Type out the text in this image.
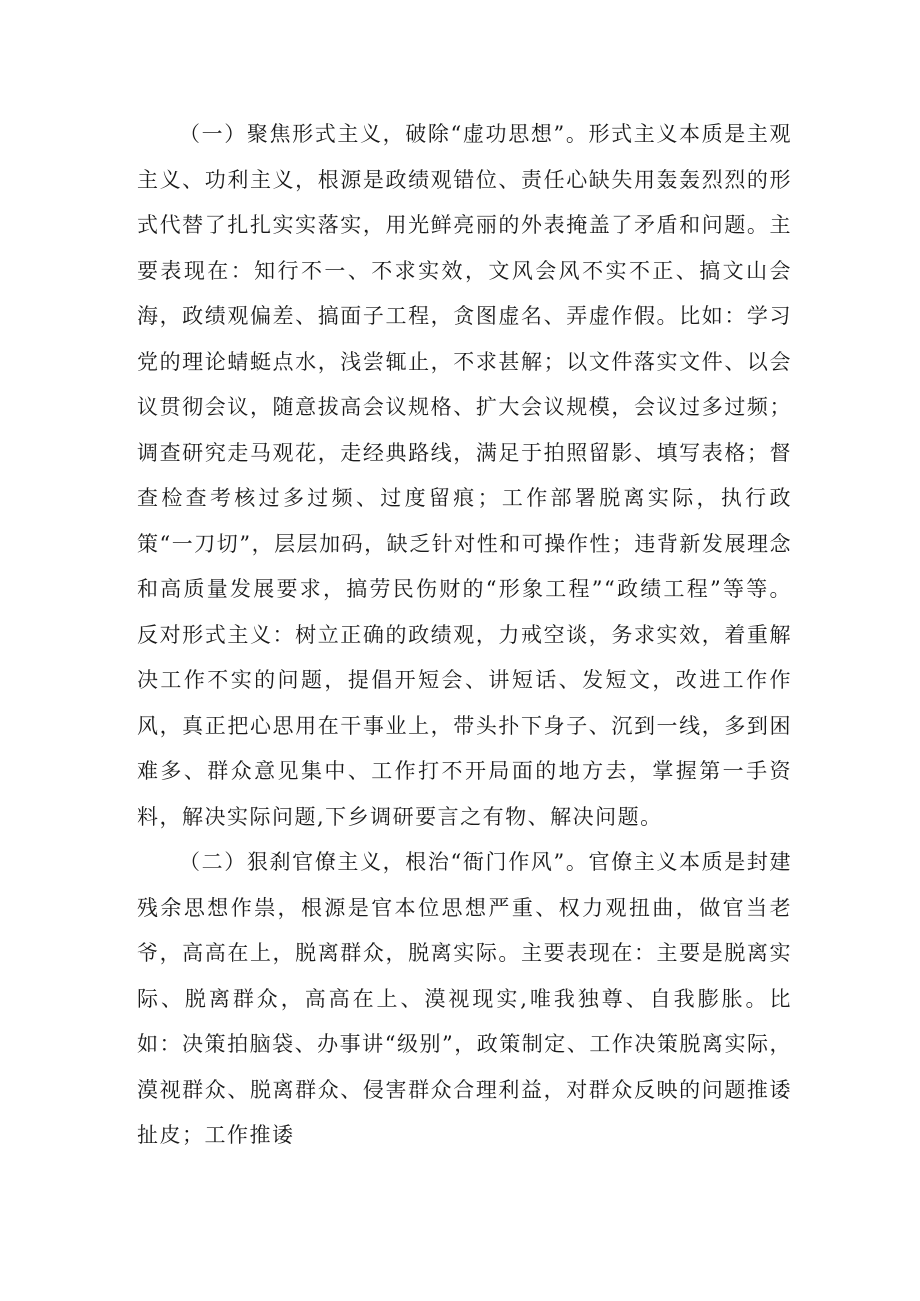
（一）聚焦形式主义，破除“虚功思想”。形式主义本质是主观主义、功利主义，根源是政绩观错位、责任心缺失用轰轰烈烈的形式代替了扎扎实实落实，用光鲜亮丽的外表掩盖了矛盾和问题。主要表现在：知行不一、不求实效，文风会风不实不正、搞文山会海，政绩观偏差、搞面子工程，贪图虚名、弄虚作假。比如：学习党的理论蜻蜓点水，浅尝辄止，不求甚解；以文件落实文件、以会议贯彻会议，随意拔高会议规格、扩大会议规模，会议过多过频；调查研究走马观花，走经典路线，满足于拍照留影、填写表格；督查检查考核过多过频、过度留痕；工作部署脱离实际，执行政策“一刀切”，层层加码，缺乏针对性和可操作性；违背新发展理念和高质量发展要求，搞劳民伤财的“形象工程”“政绩工程”等等。反对形式主义：树立正确的政绩观，力戒空谈，务求实效，着重解决工作不实的问题，提倡开短会、讲短话、发短文，改进工作作风，真正把心思用在干事业上，带头扑下身子、沉到一线，多到困难多、群众意见集中、工作打不开局面的地方去，掌握第一手资料，解决实际问题,下乡调研要言之有物、解决问题。

（二）狠刹官僚主义，根治“衙门作风”。官僚主义本质是封建残余思想作祟，根源是官本位思想严重、权力观扭曲，做官当老爷，高高在上，脱离群众，脱离实际。主要表现在：主要是脱离实际、脱离群众，高高在上、漠视现实,唯我独尊、自我膨胀。比如：决策拍脑袋、办事讲“级别”，政策制定、工作决策脱离实际，漠视群众、脱离群众、侵害群众合理利益，对群众反映的问题推诿扯皮；工作推诿
